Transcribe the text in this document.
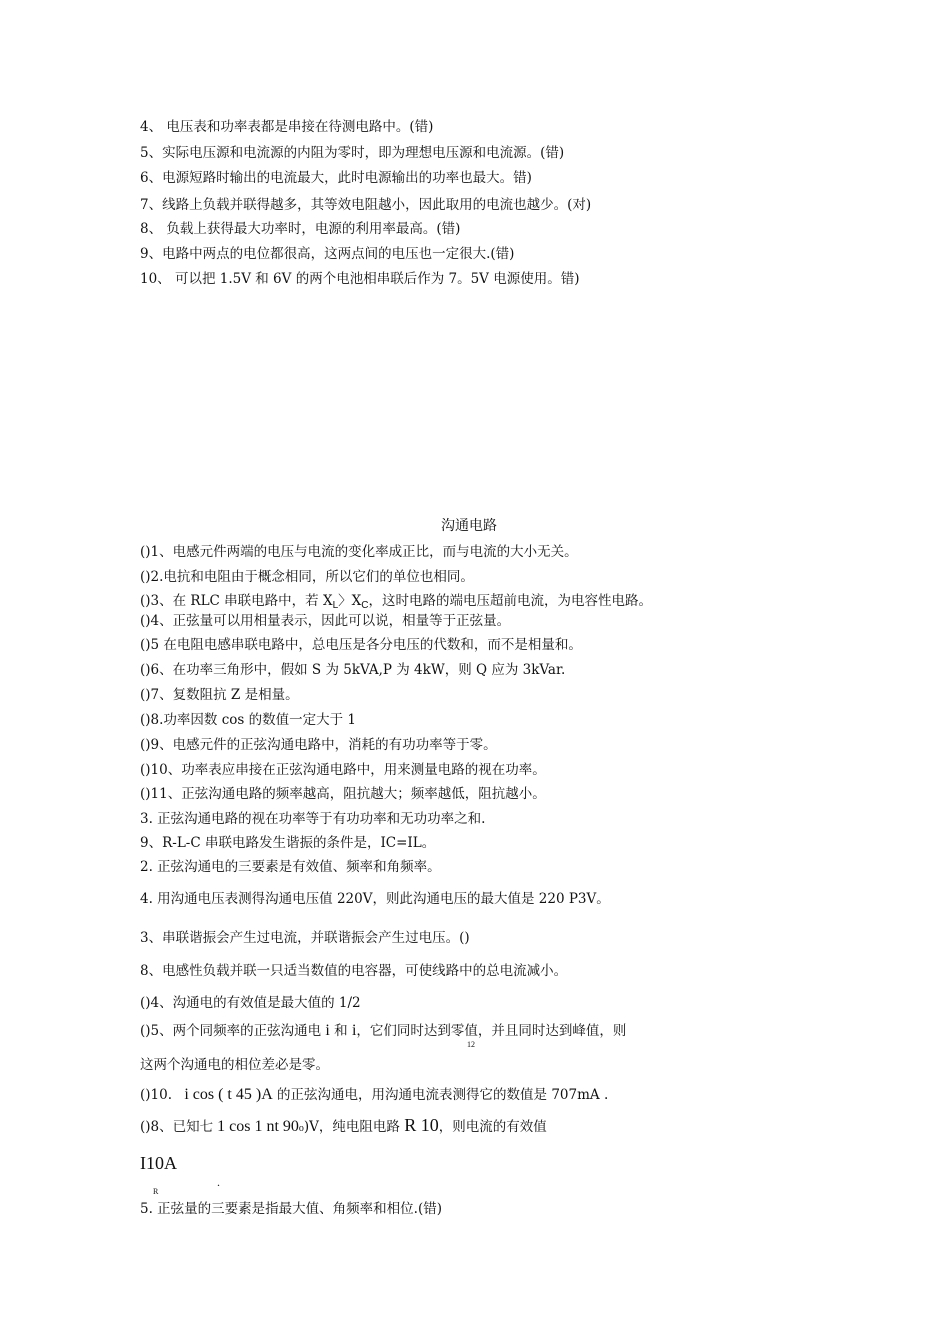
4、 电压表和功率表都是串接在待测电路中。(错)
5、实际电压源和电流源的内阻为零时，即为理想电压源和电流源。(错)
6、电源短路时输出的电流最大，此时电源输出的功率也最大。错)
7、线路上负载并联得越多，其等效电阻越小，因此取用的电流也越少。(对)
8、 负载上获得最大功率时，电源的利用率最高。(错)
9、电路中两点的电位都很高，这两点间的电压也一定很大.(错)
10、 可以把 1.5V 和 6V 的两个电池相串联后作为 7。5V 电源使用。错)
沟通电路
()1、电感元件两端的电压与电流的变化率成正比，而与电流的大小无关。
()2.电抗和电阻由于概念相同，所以它们的单位也相同。
()3、在 RLC 串联电路中，若 $X_L$〉$X_C$，这时电路的端电压超前电流，为电容性电路。
()4、正弦量可以用相量表示，因此可以说，相量等于正弦量。
()5 在电阻电感串联电路中，总电压是各分电压的代数和，而不是相量和。
()6、在功率三角形中，假如 S 为 5kVA,P 为 4kW，则 Q 应为 3kVar.
()7、复数阻抗 Z 是相量。
()8.功率因数 cos 的数值一定大于 1
()9、电感元件的正弦沟通电路中，消耗的有功功率等于零。
()10、功率表应串接在正弦沟通电路中，用来测量电路的视在功率。
()11、正弦沟通电路的频率越高，阻抗越大；频率越低，阻抗越小。
3. 正弦沟通电路的视在功率等于有功功率和无功功率之和.
9、R-L-C 串联电路发生谐振的条件是，IC=IL。
2. 正弦沟通电的三要素是有效值、频率和角频率。
4. 用沟通电压表测得沟通电压值 220V，则此沟通电压的最大值是 220 P3V。
3、串联谐振会产生过电流，并联谐振会产生过电压。()
8、电感性负载并联一只适当数值的电容器，可使线路中的总电流减小。
()4、沟通电的有效值是最大值的 1/2
()5、两个同频率的正弦沟通电 i 和 i，它们同时达到零值，并且同时达到峰值，则
12
这两个沟通电的相位差必是零。
()10. i cos ( t 45 )A 的正弦沟通电，用沟通电流表测得它的数值是 707mA .
()8、已知七 1 cos 1 nt 90o)V，纯电阻电路 R 10，则电流的有效值
I10A
R
.
5. 正弦量的三要素是指最大值、角频率和相位.(错)
